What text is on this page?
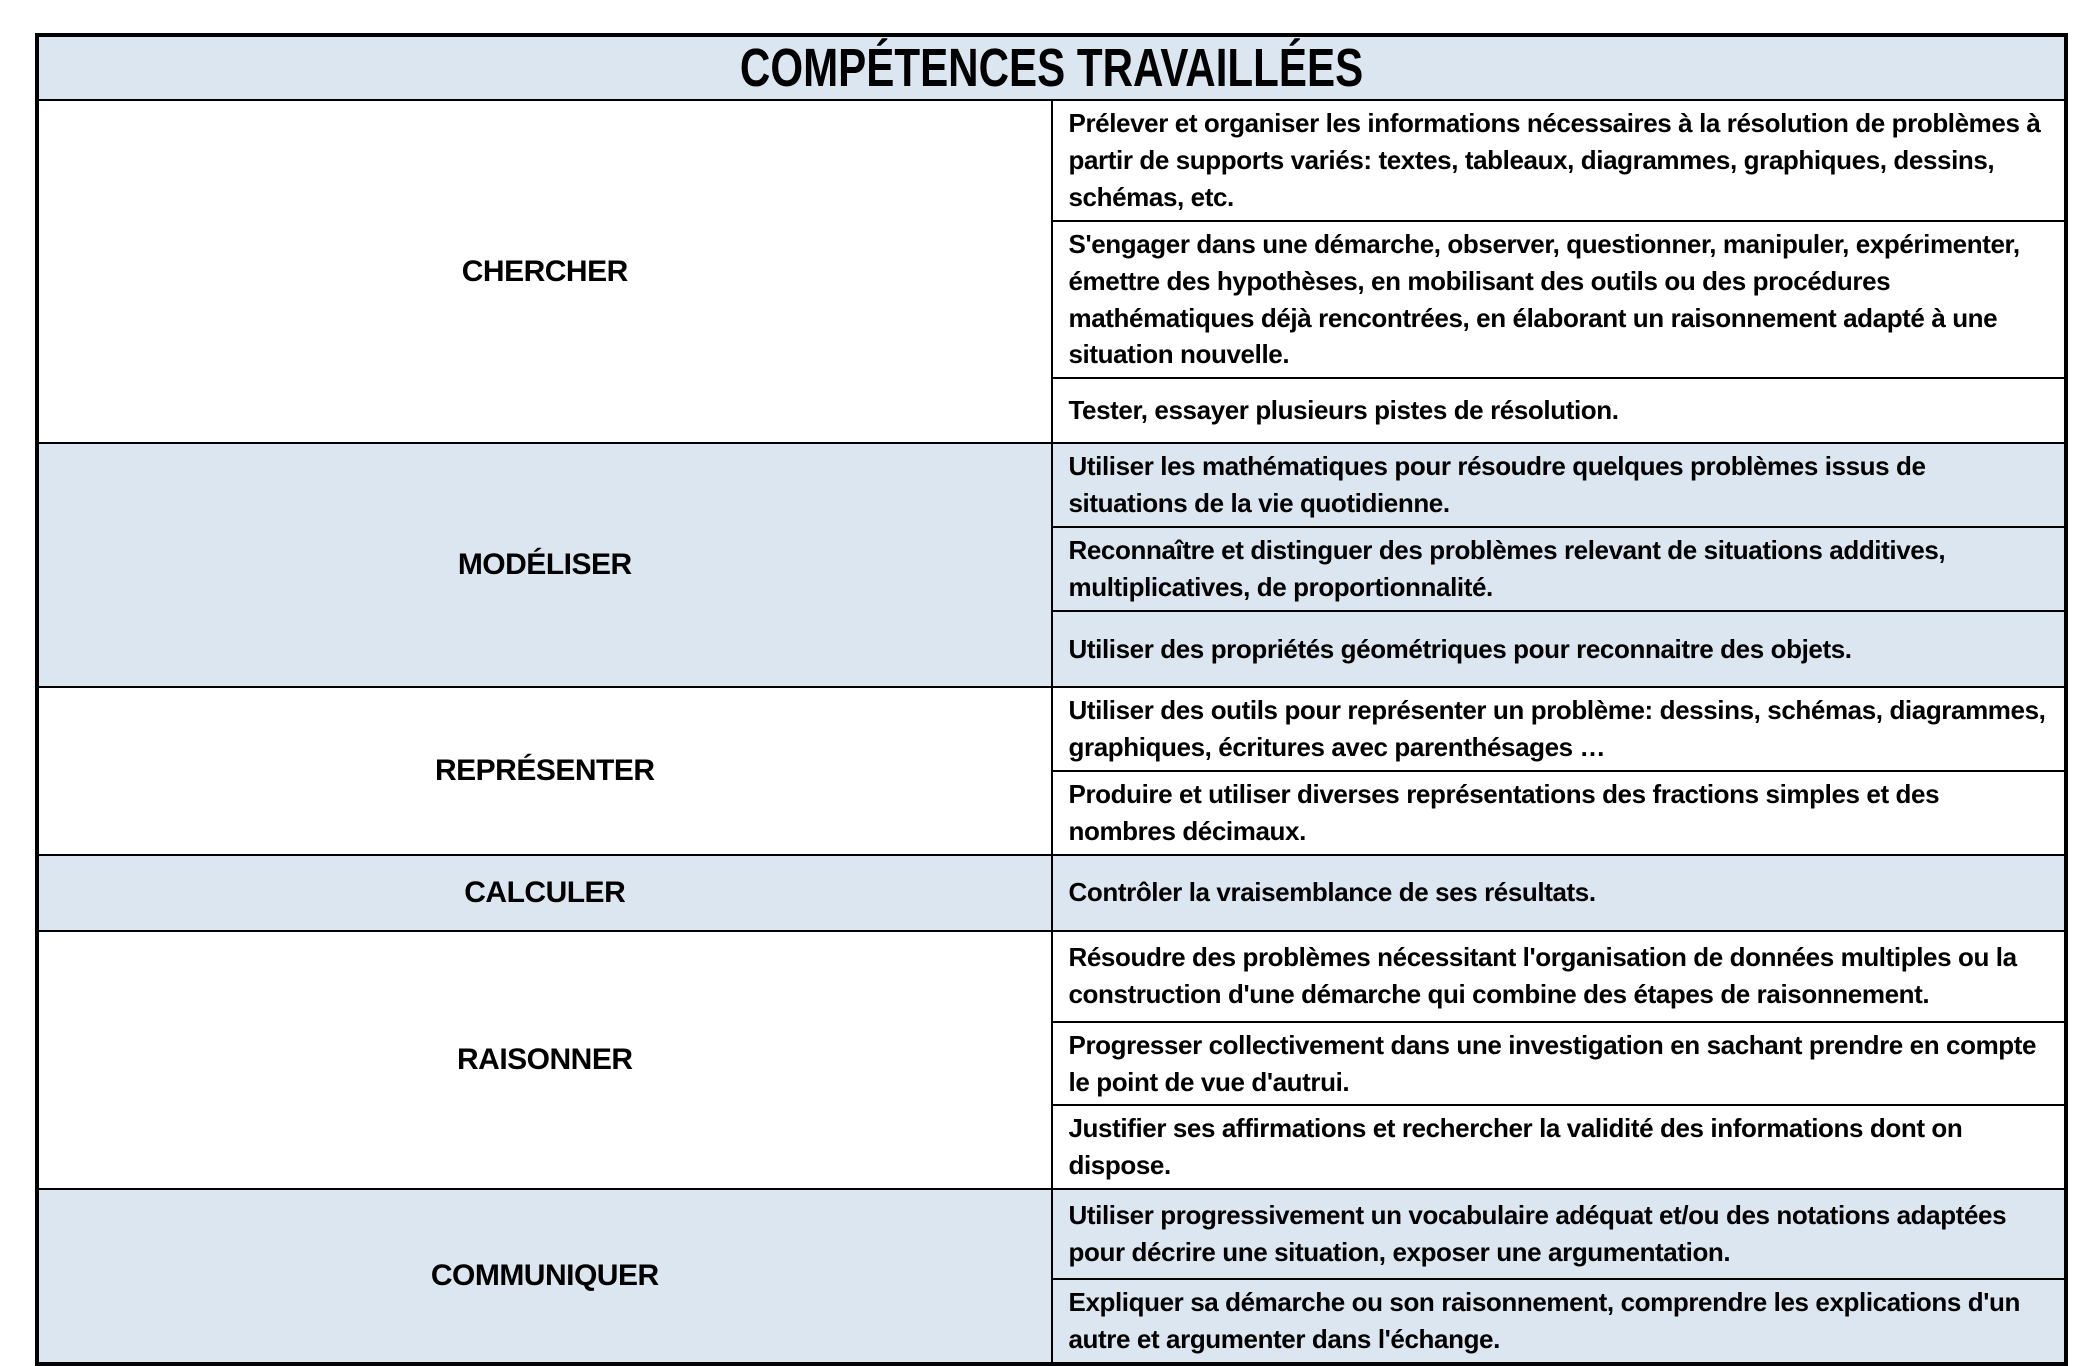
COMPÉTENCES TRAVAILLÉES	
CHERCHER	Prélever et organiser les informations nécessaires à la résolution de problèmes à partir de supports variés: textes, tableaux, diagrammes, graphiques, dessins, schémas, etc.
	S'engager dans une démarche, observer, questionner, manipuler, expérimenter, émettre des hypothèses, en mobilisant des outils ou des procédures mathématiques déjà rencontrées, en élaborant un raisonnement adapté à une situation nouvelle.
	Tester, essayer plusieurs pistes de résolution.
MODÉLISER	Utiliser les mathématiques pour résoudre quelques problèmes issus de situations de la vie quotidienne.
	Reconnaître et distinguer des problèmes relevant de situations additives, multiplicatives, de proportionnalité.
	Utiliser des propriétés géométriques pour reconnaitre des objets.
REPRÉSENTER	Utiliser des outils pour représenter un problème: dessins, schémas, diagrammes, graphiques, écritures avec parenthésages …
	Produire et utiliser diverses représentations des fractions simples et des nombres décimaux.
CALCULER	Contrôler la vraisemblance de ses résultats.
RAISONNER	Résoudre des problèmes nécessitant l'organisation de données multiples ou la construction d'une démarche qui combine des étapes de raisonnement.
	Progresser collectivement dans une investigation en sachant prendre en compte le point de vue d'autrui.
	Justifier ses affirmations et rechercher la validité des informations dont on dispose.
COMMUNIQUER	Utiliser progressivement un vocabulaire adéquat et/ou des notations adaptées pour décrire une situation, exposer une argumentation.
	Expliquer sa démarche ou son raisonnement, comprendre les explications d'un autre et argumenter dans l'échange.
